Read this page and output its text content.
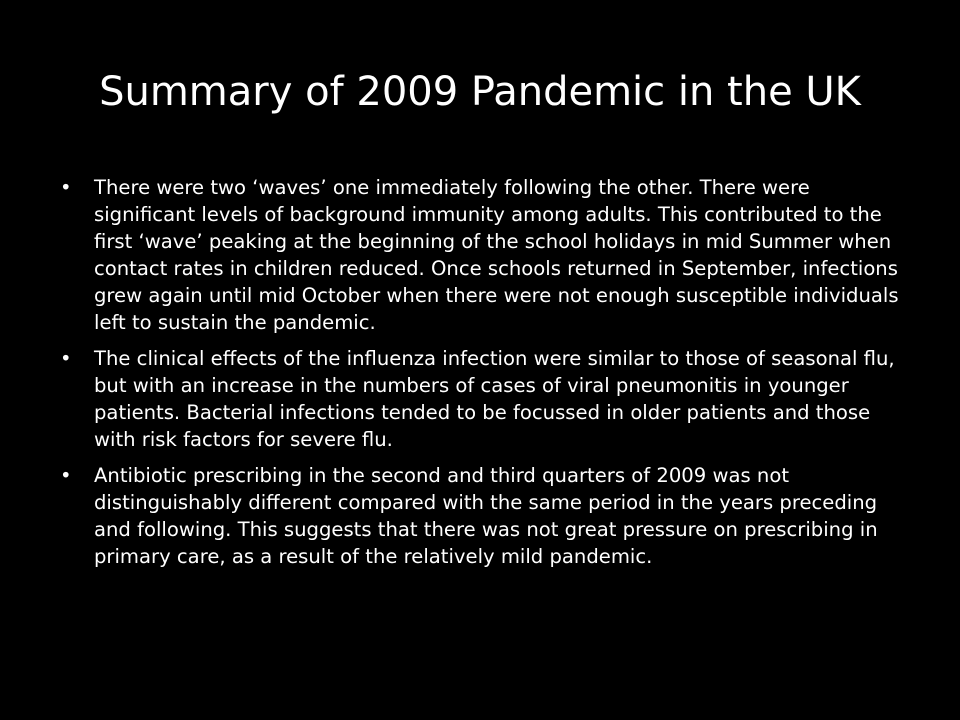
Summary of 2009 Pandemic in the UK
• There were two ‘waves’ one immediately following the other. There were significant levels of background immunity among adults. This contributed to the first ‘wave’ peaking at the beginning of the school holidays in mid Summer when contact rates in children reduced. Once schools returned in September, infections grew again until mid October when there were not enough susceptible individuals left to sustain the pandemic.
• The clinical effects of the influenza infection were similar to those of seasonal flu, but with an increase in the numbers of cases of viral pneumonitis in younger patients. Bacterial infections tended to be focussed in older patients and those with risk factors for severe flu.
• Antibiotic prescribing in the second and third quarters of 2009 was not distinguishably different compared with the same period in the years preceding and following. This suggests that there was not great pressure on prescribing in primary care, as a result of the relatively mild pandemic.
